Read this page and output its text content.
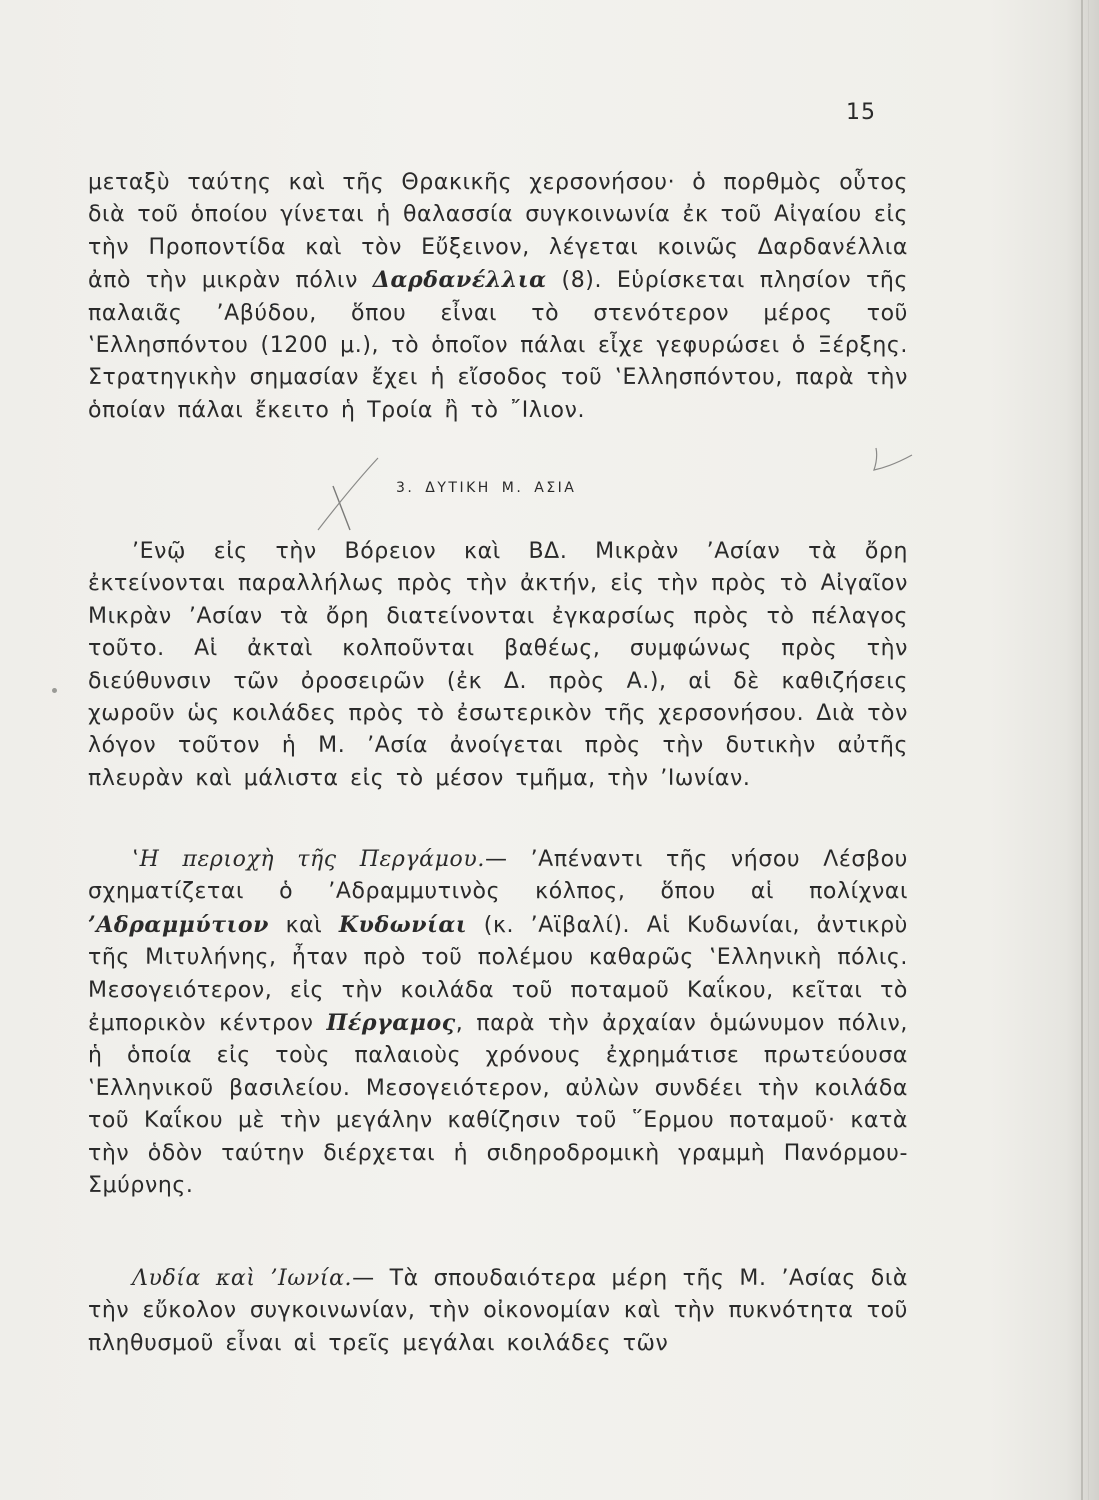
15

μεταξὺ ταύτης καὶ τῆς Θρακικῆς χερσονήσου· ὁ πορθμὸς οὗτος διὰ τοῦ ὁποίου γίνεται ἡ θαλασσία συγκοινωνία ἐκ τοῦ Αἰγαίου εἰς τὴν Προποντίδα καὶ τὸν Εὔξεινον, λέγεται κοινῶς Δαρδανέλλια ἀπὸ τὴν μικρὰν πόλιν Δαρδανέλλια (8). Εὑρίσκεται πλησίον τῆς παλαιᾶς ’Αβύδου, ὅπου εἶναι τὸ στενότερον μέρος τοῦ ‛Ελλησπόντου (1200 μ.), τὸ ὁποῖον πάλαι εἶχε γεφυρώσει ὁ Ξέρξης. Στρατηγικὴν σημασίαν ἔχει ἡ εἴσοδος τοῦ ‛Ελλησπόντου, παρὰ τὴν ὁποίαν πάλαι ἔκειτο ἡ Τροία ἢ τὸ ῎Ιλιον.

3. ΔΥΤΙΚΗ Μ. ΑΣΙΑ

’Ενῷ εἰς τὴν Βόρειον καὶ ΒΔ. Μικρὰν ’Ασίαν τὰ ὄρη ἐκτείνονται παραλλήλως πρὸς τὴν ἀκτήν, εἰς τὴν πρὸς τὸ Αἰγαῖον Μικρὰν ’Ασίαν τὰ ὄρη διατείνονται ἐγκαρσίως πρὸς τὸ πέλαγος τοῦτο. Αἱ ἀκταὶ κολποῦνται βαθέως, συμφώνως πρὸς τὴν διεύθυνσιν τῶν ὀροσειρῶν (ἐκ Δ. πρὸς Α.), αἱ δὲ καθιζήσεις χωροῦν ὡς κοιλάδες πρὸς τὸ ἐσωτερικὸν τῆς χερσονήσου. Διὰ τὸν λόγον τοῦτον ἡ Μ. ’Ασία ἀνοίγεται πρὸς τὴν δυτικὴν αὐτῆς πλευρὰν καὶ μάλιστα εἰς τὸ μέσον τμῆμα, τὴν ’Ιωνίαν.

‛Η περιοχὴ τῆς Περγάμου.— ’Απέναντι τῆς νήσου Λέσβου σχηματίζεται ὁ ’Αδραμμυτινὸς κόλπος, ὅπου αἱ πολίχναι ’Αδραμμύτιον καὶ Κυδωνίαι (κ. ’Αϊβαλί). Αἱ Κυδωνίαι, ἀντικρὺ τῆς Μιτυλήνης, ἦταν πρὸ τοῦ πολέμου καθαρῶς ‛Ελληνικὴ πόλις. Μεσογειότερον, εἰς τὴν κοιλάδα τοῦ ποταμοῦ Καΐκου, κεῖται τὸ ἐμπορικὸν κέντρον Πέργαμος, παρὰ τὴν ἀρχαίαν ὁμώνυμον πόλιν, ἡ ὁποία εἰς τοὺς παλαιοὺς χρόνους ἐχρημάτισε πρωτεύουσα ‛Ελληνικοῦ βασιλείου. Μεσογειότερον, αὐλὼν συνδέει τὴν κοιλάδα τοῦ Καΐκου μὲ τὴν μεγάλην καθίζησιν τοῦ ῞Ερμου ποταμοῦ· κατὰ τὴν ὁδὸν ταύτην διέρχεται ἡ σιδηροδρομικὴ γραμμὴ Πανόρμου-Σμύρνης.

Λυδία καὶ ’Ιωνία.— Τὰ σπουδαιότερα μέρη τῆς Μ. ’Ασίας διὰ τὴν εὔκολον συγκοινωνίαν, τὴν οἰκονομίαν καὶ τὴν πυκνότητα τοῦ πληθυσμοῦ εἶναι αἱ τρεῖς μεγάλαι κοιλάδες τῶν
